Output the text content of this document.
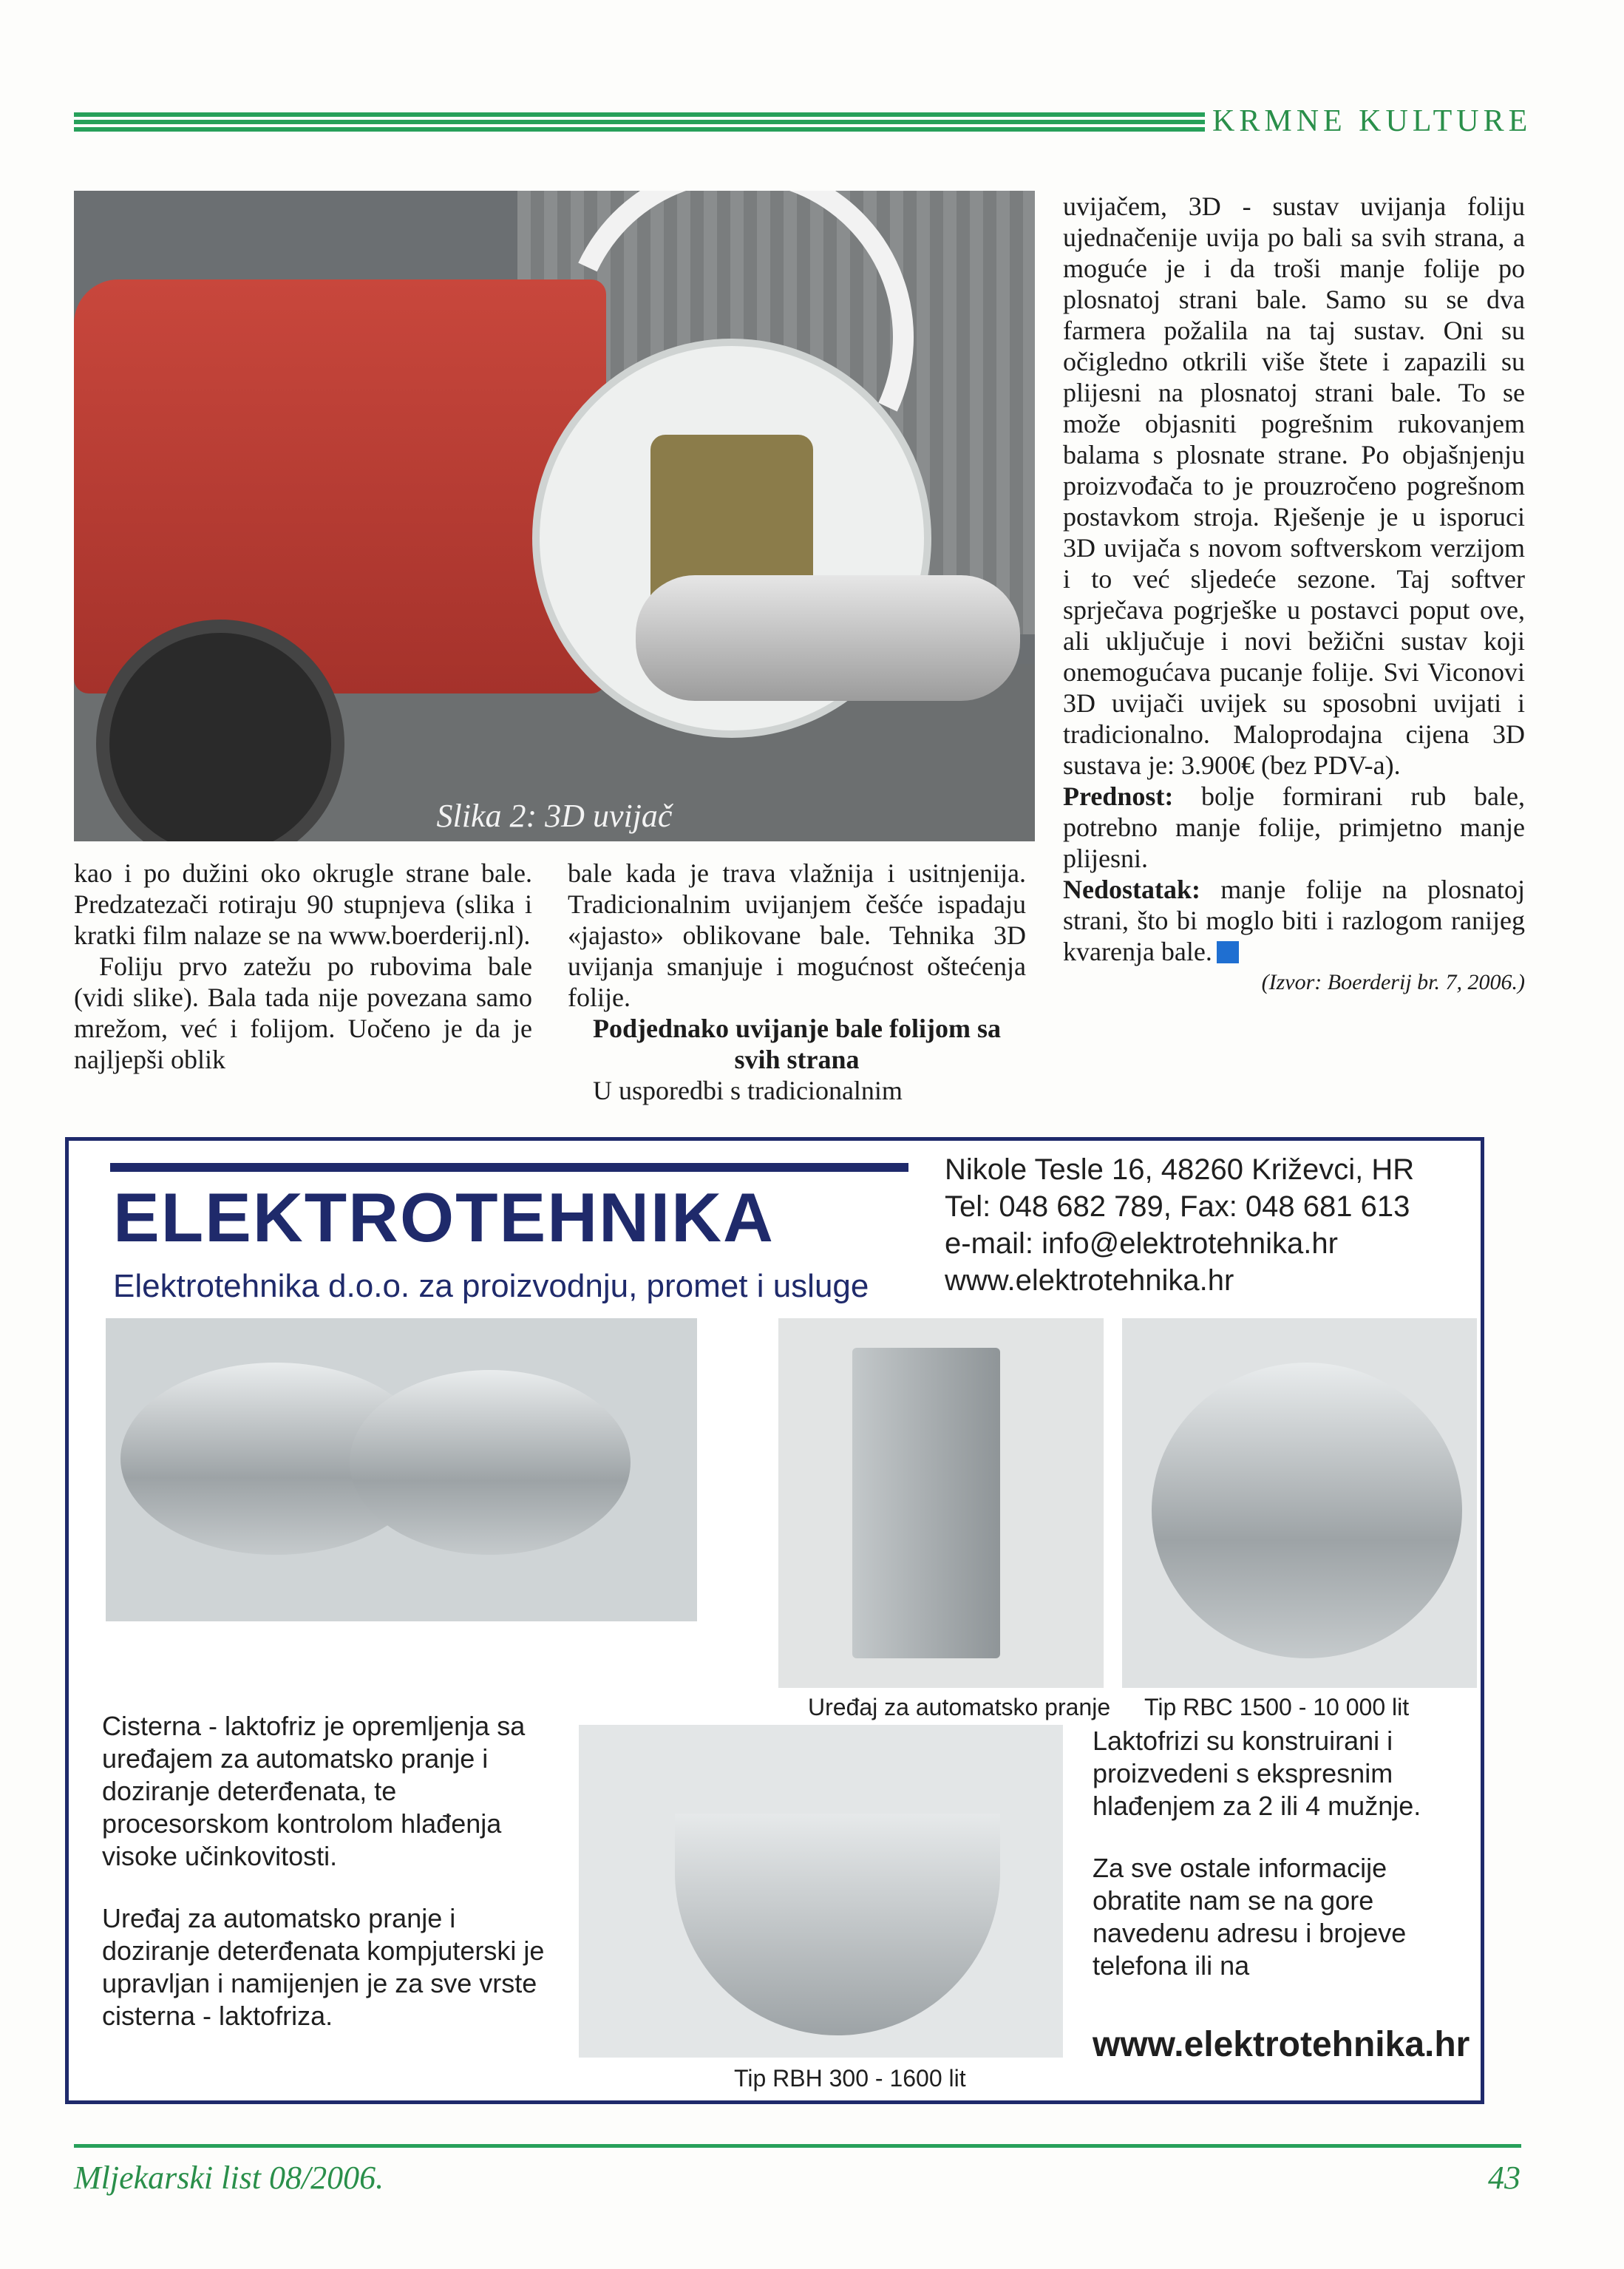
KRMNE KULTURE
Slika 2: 3D uvijač

kao i po dužini oko okrugle strane bale. Predzatezači rotiraju 90 stupnjeva (slika i kratki film nalaze se na www.boerderij.nl).

Foliju prvo zatežu po rubovima bale (vidi slike). Bala tada nije povezana samo mrežom, već i folijom. Uočeno je da je najljepši oblik

bale kada je trava vlažnija i usitnjenija. Tradicionalnim uvijanjem češće ispadaju «jajasto» oblikovane bale. Tehnika 3D uvijanja smanjuje i mogućnost oštećenja folije.

Podjednako uvijanje bale folijom sa svih strana

U usporedbi s tradicionalnim

uvijačem, 3D - sustav uvijanja foliju ujednačenije uvija po bali sa svih strana, a moguće je i da troši manje folije po plosnatoj strani bale. Samo su se dva farmera požalila na taj sustav. Oni su očigledno otkrili više štete i zapazili su plijesni na plosnatoj strani bale. To se može objasniti pogrešnim rukovanjem balama s plosnate strane. Po objašnjenju proizvođača to je prouzročeno pogrešnom postavkom stroja. Rješenje je u isporuci 3D uvijača s novom softverskom verzijom i to već sljedeće sezone. Taj softver sprječava pogrješke u postavci poput ove, ali uključuje i novi bežični sustav koji onemogućava pucanje folije. Svi Viconovi 3D uvijači uvijek su sposobni uvijati i tradicionalno. Maloprodajna cijena 3D sustava je: 3.900€ (bez PDV-a).

Prednost: bolje formirani rub bale, potrebno manje folije, primjetno manje plijesni.

Nedostatak: manje folije na plosnatoj strani, što bi moglo biti i razlogom ranijeg kvarenja bale.

(Izvor: Boerderij br. 7, 2006.)
ELEKTROTEHNIKA
Elektrotehnika d.o.o. za proizvodnju, promet i usluge
Nikole Tesle 16, 48260 Križevci, HR
Tel: 048 682 789, Fax: 048 681 613
e-mail: info@elektrotehnika.hr
www.elektrotehnika.hr
Uređaj za automatsko pranje Tip RBC 1500 - 10 000 lit

Cisterna - laktofriz je opremljenja sa uređajem za automatsko pranje i doziranje deterđenata, te procesorskom kontrolom hlađenja visoke učinkovitosti.

Uređaj za automatsko pranje i doziranje deterđenata kompjuterski je upravljan i namijenjen je za sve vrste cisterna - laktofriza.

Tip RBH 300 - 1600 lit

Laktofrizi su konstruirani i proizvedeni s ekspresnim hlađenjem za 2 ili 4 mužnje.

Za sve ostale informacije obratite nam se na gore navedenu adresu i brojeve telefona ili na

www.elektrotehnika.hr
Mljekarski list 08/2006.	43
